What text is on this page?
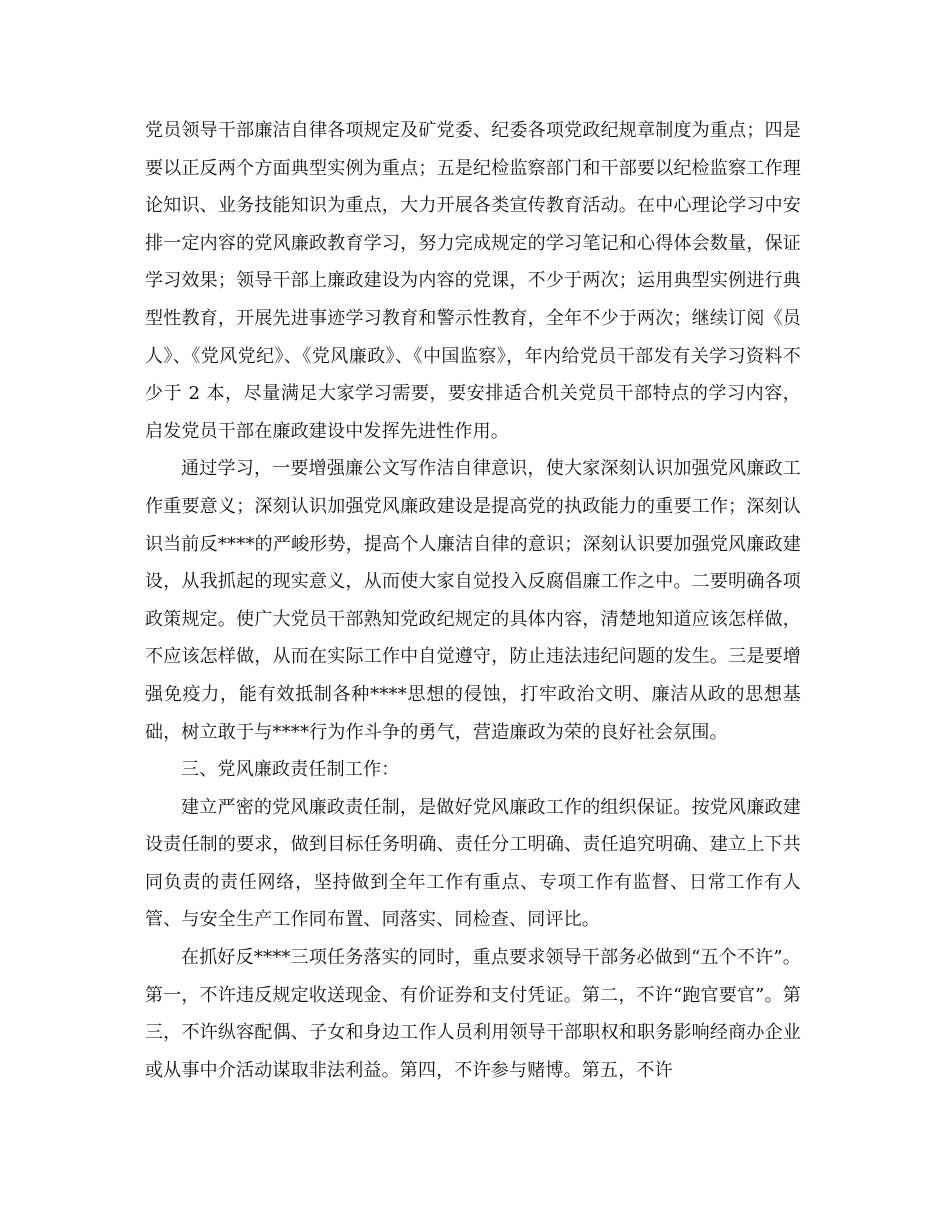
党员领导干部廉洁自律各项规定及矿党委、纪委各项党政纪规章制度为重点；四是要以正反两个方面典型实例为重点；五是纪检监察部门和干部要以纪检监察工作理论知识、业务技能知识为重点，大力开展各类宣传教育活动。在中心理论学习中安排一定内容的党风廉政教育学习，努力完成规定的学习笔记和心得体会数量，保证学习效果；领导干部上廉政建设为内容的党课，不少于两次；运用典型实例进行典型性教育，开展先进事迹学习教育和警示性教育，全年不少于两次；继续订阅《员人》、《党风党纪》、《党风廉政》、《中国监察》，年内给党员干部发有关学习资料不少于 2 本，尽量满足大家学习需要，要安排适合机关党员干部特点的学习内容，启发党员干部在廉政建设中发挥先进性作用。

通过学习，一要增强廉公文写作洁自律意识，使大家深刻认识加强党风廉政工作重要意义；深刻认识加强党风廉政建设是提高党的执政能力的重要工作；深刻认识当前反****的严峻形势，提高个人廉洁自律的意识；深刻认识要加强党风廉政建设，从我抓起的现实意义，从而使大家自觉投入反腐倡廉工作之中。二要明确各项政策规定。使广大党员干部熟知党政纪规定的具体内容，清楚地知道应该怎样做，不应该怎样做，从而在实际工作中自觉遵守，防止违法违纪问题的发生。三是要增强免疫力，能有效抵制各种****思想的侵蚀，打牢政治文明、廉洁从政的思想基础，树立敢于与****行为作斗争的勇气，营造廉政为荣的良好社会氛围。

三、党风廉政责任制工作：

建立严密的党风廉政责任制，是做好党风廉政工作的组织保证。按党风廉政建设责任制的要求，做到目标任务明确、责任分工明确、责任追究明确、建立上下共同负责的责任网络，坚持做到全年工作有重点、专项工作有监督、日常工作有人管、与安全生产工作同布置、同落实、同检查、同评比。

在抓好反****三项任务落实的同时，重点要求领导干部务必做到“五个不许”。第一，不许违反规定收送现金、有价证券和支付凭证。第二，不许“跑官要官”。第三，不许纵容配偶、子女和身边工作人员利用领导干部职权和职务影响经商办企业或从事中介活动谋取非法利益。第四，不许参与赌博。第五，不许
